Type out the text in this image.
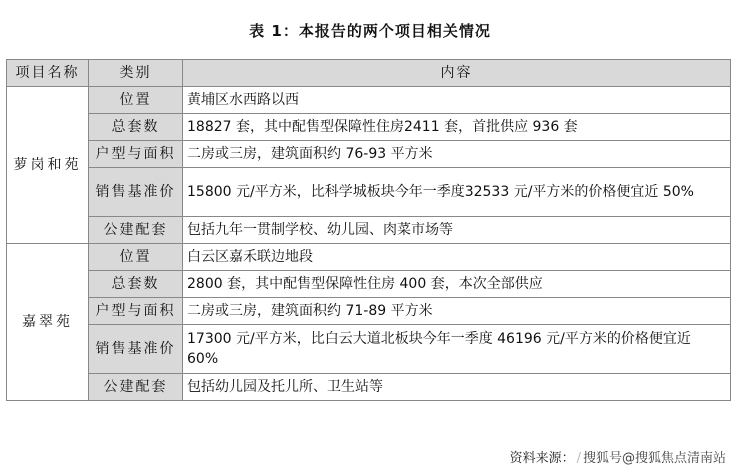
表 1：本报告的两个项目相关情况
项目名称	类别	内容
萝岗和苑	位置	黄埔区水西路以西
	总套数	18827 套，其中配售型保障性住房2411 套，首批供应 936 套
	户型与面积	二房或三房，建筑面积约 76-93 平方米
	销售基准价	15800 元/平方米，比科学城板块今年一季度32533 元/平方米的价格便宜近 50%
	公建配套	包括九年一贯制学校、幼儿园、肉菜市场等
嘉翠苑	位置	白云区嘉禾联边地段
	总套数	2800 套，其中配售型保障性住房 400 套，本次全部供应
	户型与面积	二房或三房，建筑面积约 71-89 平方米
	销售基准价	17300 元/平方米，比白云大道北板块今年一季度 46196 元/平方米的价格便宜近 60%
	公建配套	包括幼儿园及托儿所、卫生站等
资料来源： / 搜狐号@搜狐焦点清南站
